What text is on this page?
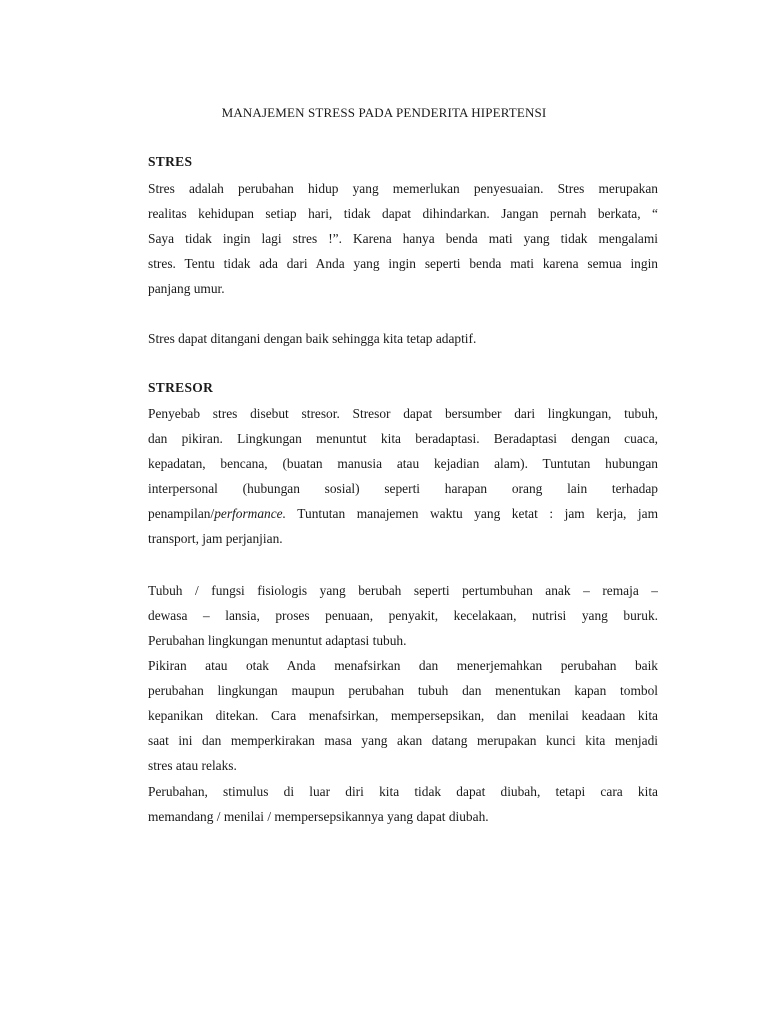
MANAJEMEN STRESS PADA PENDERITA HIPERTENSI
STRES
Stres adalah perubahan hidup yang memerlukan penyesuaian. Stres merupakan
realitas kehidupan setiap hari, tidak dapat dihindarkan. Jangan pernah berkata, “
Saya tidak ingin lagi stres !”. Karena hanya benda mati yang tidak mengalami
stres. Tentu tidak ada dari Anda yang ingin seperti benda mati karena semua ingin
panjang umur.
Stres dapat ditangani dengan baik sehingga kita tetap adaptif.
STRESOR
Penyebab stres disebut stresor. Stresor dapat bersumber dari lingkungan, tubuh,
dan pikiran. Lingkungan menuntut kita beradaptasi. Beradaptasi dengan cuaca,
kepadatan, bencana, (buatan manusia atau kejadian alam). Tuntutan hubungan
interpersonal (hubungan sosial) seperti harapan orang lain terhadap
penampilan/performance. Tuntutan manajemen waktu yang ketat : jam kerja, jam
transport, jam perjanjian.
Tubuh / fungsi fisiologis yang berubah seperti pertumbuhan anak – remaja –
dewasa – lansia, proses penuaan, penyakit, kecelakaan, nutrisi yang buruk.
Perubahan lingkungan menuntut adaptasi tubuh.
Pikiran atau otak Anda menafsirkan dan menerjemahkan perubahan baik
perubahan lingkungan maupun perubahan tubuh dan menentukan kapan tombol
kepanikan ditekan. Cara menafsirkan, mempersepsikan, dan menilai keadaan kita
saat ini dan memperkirakan masa yang akan datang merupakan kunci kita menjadi
stres atau relaks.
Perubahan, stimulus di luar diri kita tidak dapat diubah, tetapi cara kita
memandang / menilai / mempersepsikannya yang dapat diubah.
